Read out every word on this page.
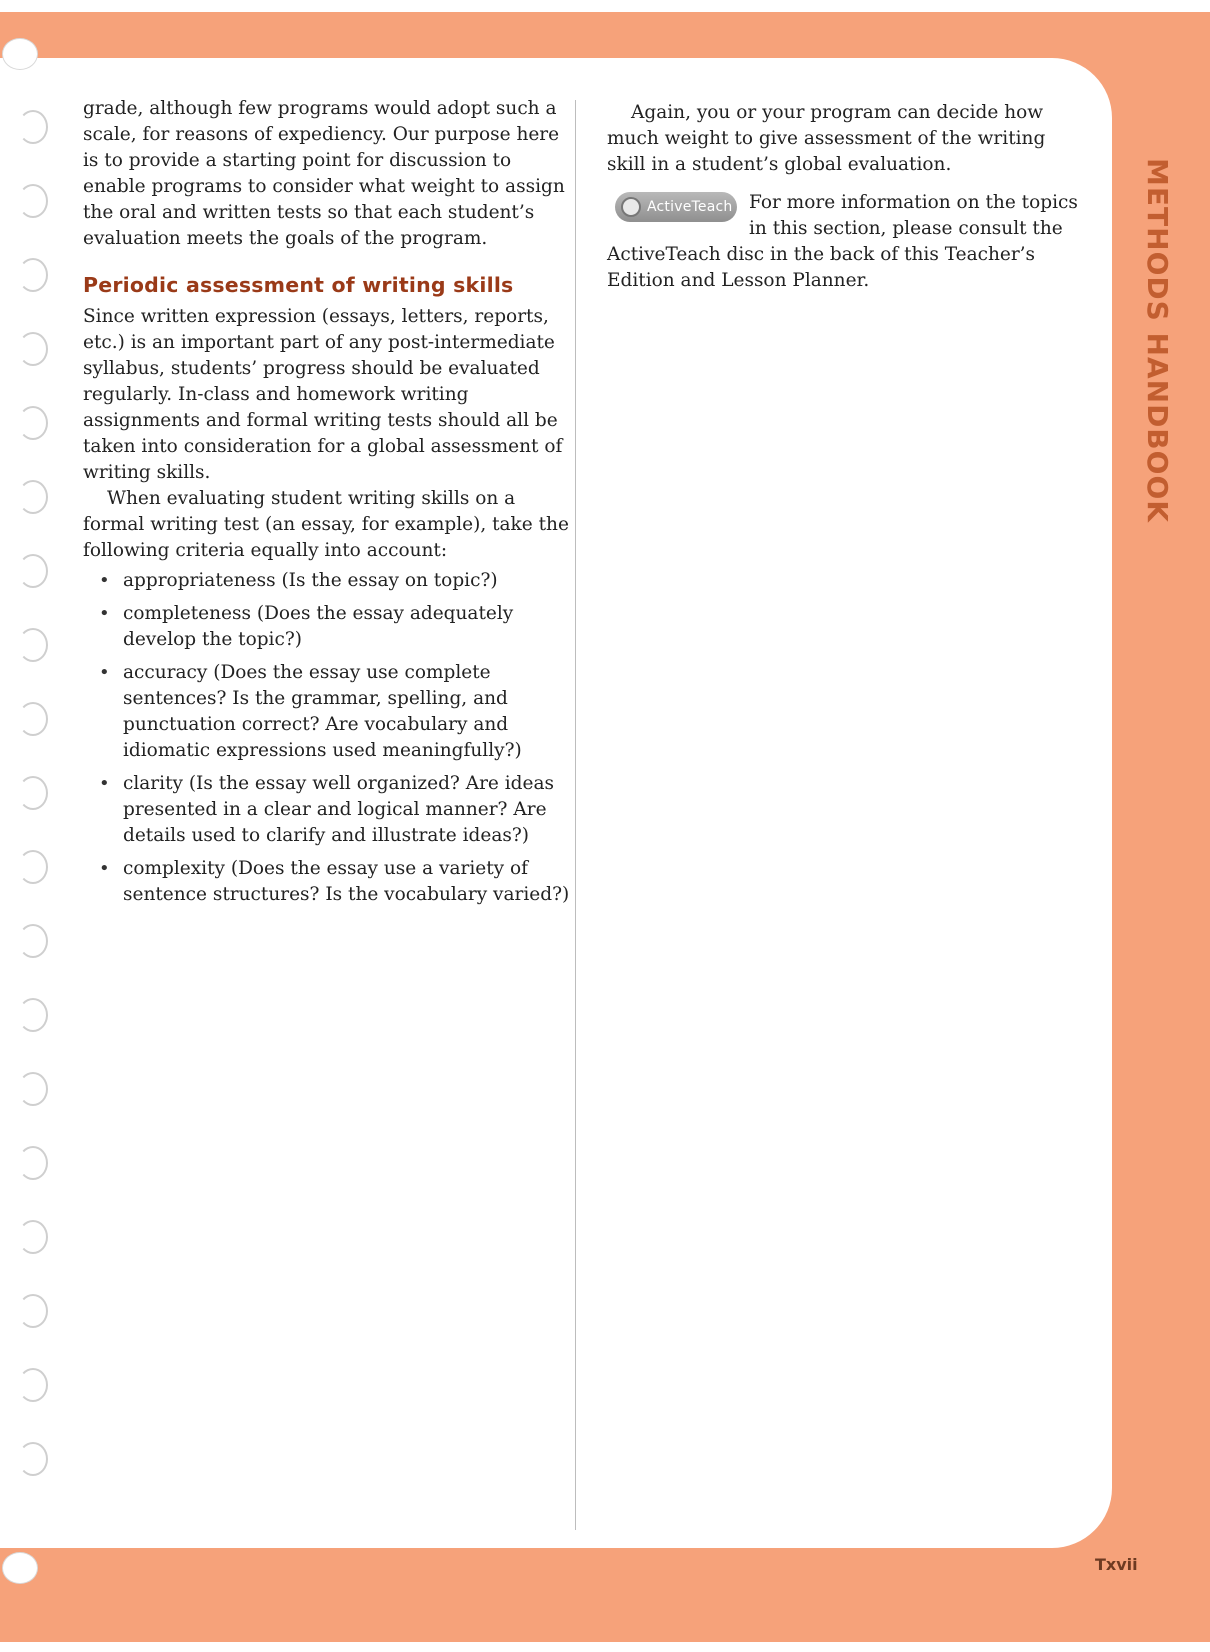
METHODS HANDBOOK

grade, although few programs would adopt such a scale, for reasons of expediency. Our purpose here is to provide a starting point for discussion to enable programs to consider what weight to assign the oral and written tests so that each student’s evaluation meets the goals of the program.

Periodic assessment of writing skills

Since written expression (essays, letters, reports, etc.) is an important part of any post-intermediate syllabus, students’ progress should be evaluated regularly. In-class and homework writing assignments and formal writing tests should all be taken into consideration for a global assessment of writing skills.

When evaluating student writing skills on a formal writing test (an essay, for example), take the following criteria equally into account:

• appropriateness (Is the essay on topic?)
• completeness (Does the essay adequately develop the topic?)
• accuracy (Does the essay use complete sentences? Is the grammar, spelling, and punctuation correct? Are vocabulary and idiomatic expressions used meaningfully?)
• clarity (Is the essay well organized? Are ideas presented in a clear and logical manner? Are details used to clarify and illustrate ideas?)
• complexity (Does the essay use a variety of sentence structures? Is the vocabulary varied?)

Again, you or your program can decide how much weight to give assessment of the writing skill in a student’s global evaluation.

ActiveTeach For more information on the topics in this section, please consult the ActiveTeach disc in the back of this Teacher’s Edition and Lesson Planner.

Txvii
